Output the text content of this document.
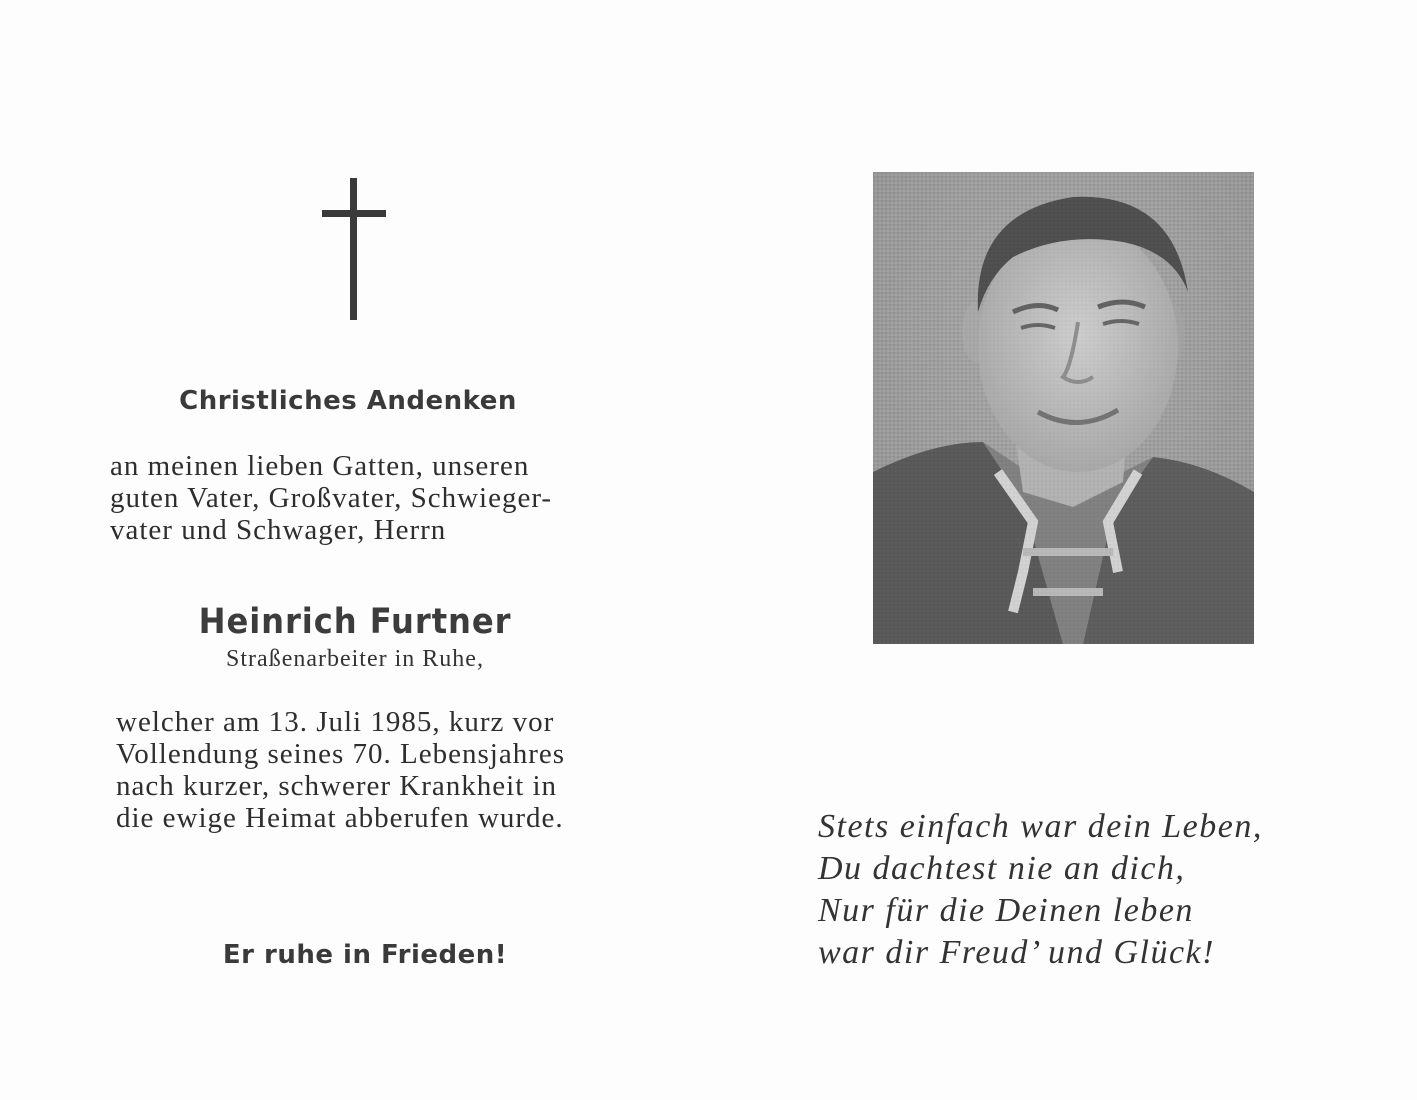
Christliches Andenken
an meinen lieben Gatten, unseren
guten Vater, Großvater, Schwieger-
vater und Schwager, Herrn
Heinrich Furtner
Straßenarbeiter in Ruhe,
welcher am 13. Juli 1985, kurz vor
Vollendung seines 70. Lebensjahres
nach kurzer, schwerer Krankheit in
die ewige Heimat abberufen wurde.
Er ruhe in Frieden!
Stets einfach war dein Leben,
Du dachtest nie an dich,
Nur für die Deinen leben
war dir Freud’ und Glück!
